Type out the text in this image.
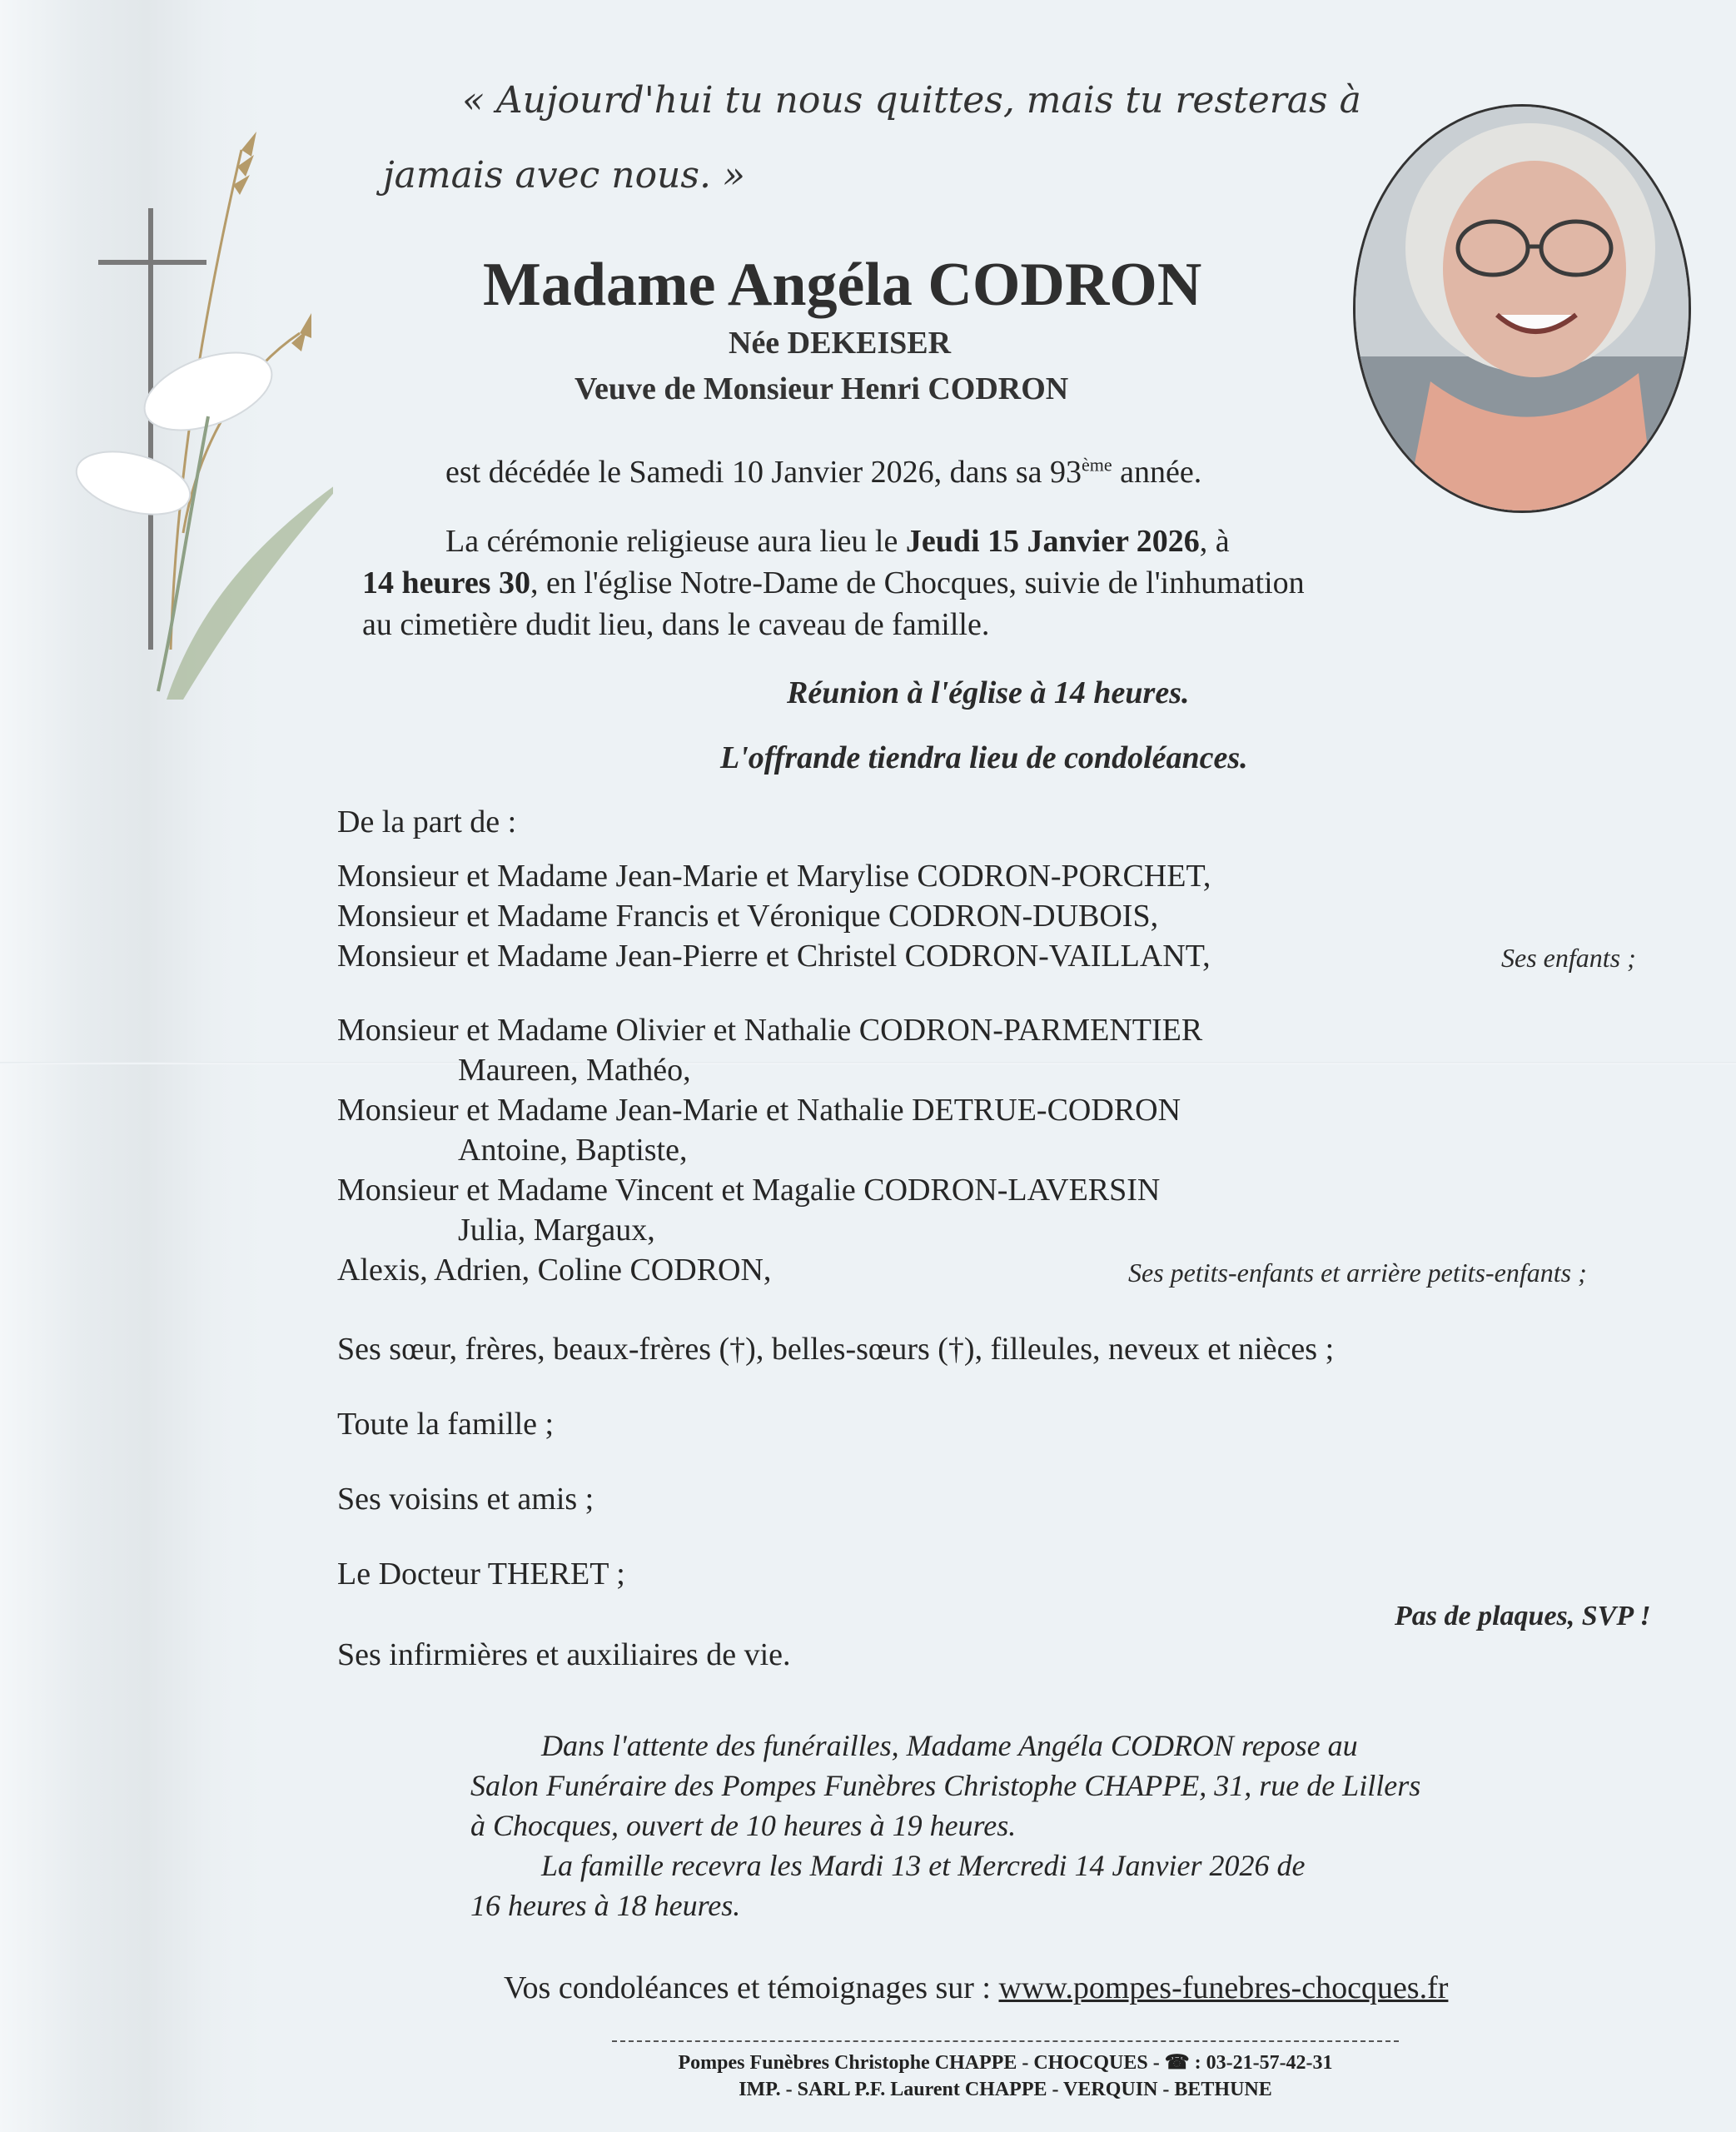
« Aujourd'hui tu nous quittes, mais tu resteras à
jamais avec nous. »
Madame Angéla CODRON
Née DEKEISER
Veuve de Monsieur Henri CODRON
est décédée le Samedi 10 Janvier 2026, dans sa 93ème année.
La cérémonie religieuse aura lieu le Jeudi 15 Janvier 2026, à
14 heures 30, en l'église Notre-Dame de Chocques, suivie de l'inhumation
au cimetière dudit lieu, dans le caveau de famille.
Réunion à l'église à 14 heures.
L'offrande tiendra lieu de condoléances.
De la part de :
Monsieur et Madame Jean-Marie et Marylise CODRON-PORCHET,
Monsieur et Madame Francis et Véronique CODRON-DUBOIS,
Monsieur et Madame Jean-Pierre et Christel CODRON-VAILLANT,	Ses enfants ;
Monsieur et Madame Olivier et Nathalie CODRON-PARMENTIER
Maureen, Mathéo,
Monsieur et Madame Jean-Marie et Nathalie DETRUE-CODRON
Antoine, Baptiste,
Monsieur et Madame Vincent et Magalie CODRON-LAVERSIN
Julia, Margaux,
Alexis, Adrien, Coline CODRON,	Ses petits-enfants et arrière petits-enfants ;
Ses sœur, frères, beaux-frères (†), belles-sœurs (†), filleules, neveux et nièces ;
Toute la famille ;
Ses voisins et amis ;
Le Docteur THERET ;
Pas de plaques, SVP !
Ses infirmières et auxiliaires de vie.
Dans l'attente des funérailles, Madame Angéla CODRON repose au
Salon Funéraire des Pompes Funèbres Christophe CHAPPE, 31, rue de Lillers
à Chocques, ouvert de 10 heures à 19 heures.
La famille recevra les Mardi 13 et Mercredi 14 Janvier 2026 de
16 heures à 18 heures.
Vos condoléances et témoignages sur : www.pompes-funebres-chocques.fr
Pompes Funèbres Christophe CHAPPE - CHOCQUES - ☎ : 03-21-57-42-31
IMP. - SARL P.F. Laurent CHAPPE - VERQUIN - BETHUNE
